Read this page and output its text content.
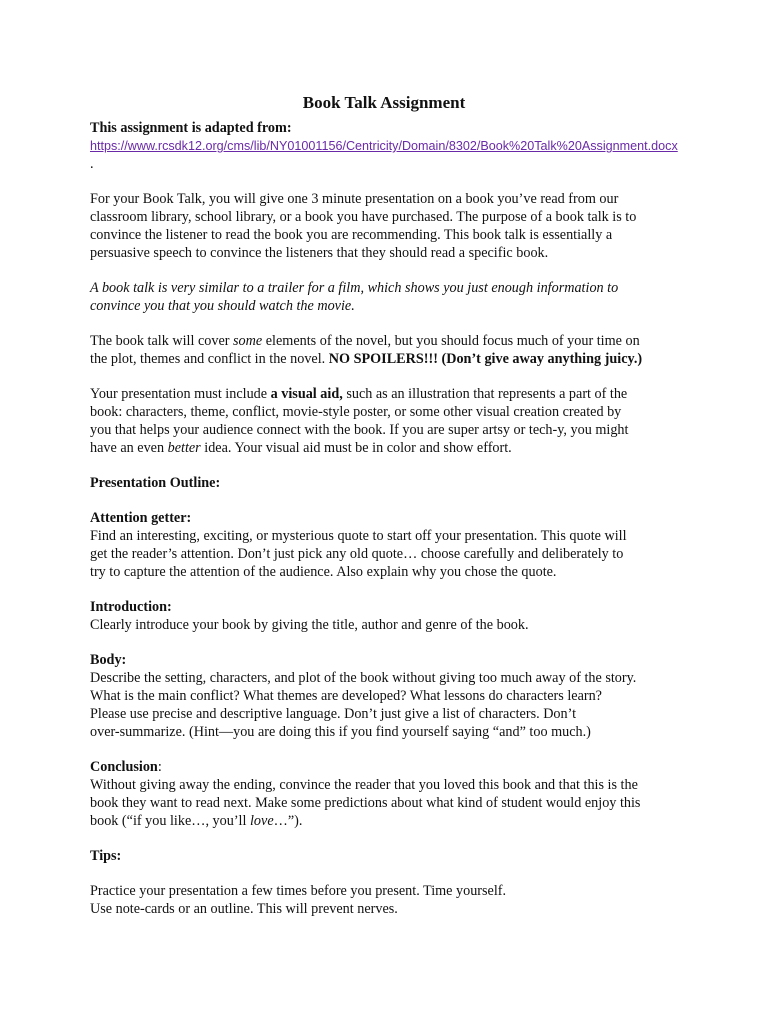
Book Talk Assignment

This assignment is adapted from:

https://www.rcsdk12.org/cms/lib/NY01001156/Centricity/Domain/8302/Book%20Talk%20Assignment.docx

.

For your Book Talk, you will give one 3 minute presentation on a book you’ve read from our

classroom library, school library, or a book you have purchased. The purpose of a book talk is to

convince the listener to read the book you are recommending. This book talk is essentially a

persuasive speech to convince the listeners that they should read a specific book.

A book talk is very similar to a trailer for a film, which shows you just enough information to

convince you that you should watch the movie.

The book talk will cover some elements of the novel, but you should focus much of your time on

the plot, themes and conflict in the novel. NO SPOILERS!!! (Don’t give away anything juicy.)

Your presentation must include a visual aid, such as an illustration that represents a part of the

book: characters, theme, conflict, movie-style poster, or some other visual creation created by

you that helps your audience connect with the book. If you are super artsy or tech-y, you might

have an even better idea. Your visual aid must be in color and show effort.

Presentation Outline:

Attention getter:

Find an interesting, exciting, or mysterious quote to start off your presentation. This quote will

get the reader’s attention. Don’t just pick any old quote… choose carefully and deliberately to

try to capture the attention of the audience. Also explain why you chose the quote.

Introduction:

Clearly introduce your book by giving the title, author and genre of the book.

Body:

Describe the setting, characters, and plot of the book without giving too much away of the story.

What is the main conflict? What themes are developed? What lessons do characters learn?

Please use precise and descriptive language. Don’t just give a list of characters. Don’t

over-summarize. (Hint—you are doing this if you find yourself saying “and” too much.)

Conclusion:

Without giving away the ending, convince the reader that you loved this book and that this is the

book they want to read next. Make some predictions about what kind of student would enjoy this

book (“if you like…, you’ll love…”).

Tips:

Practice your presentation a few times before you present. Time yourself.

Use note-cards or an outline. This will prevent nerves.
